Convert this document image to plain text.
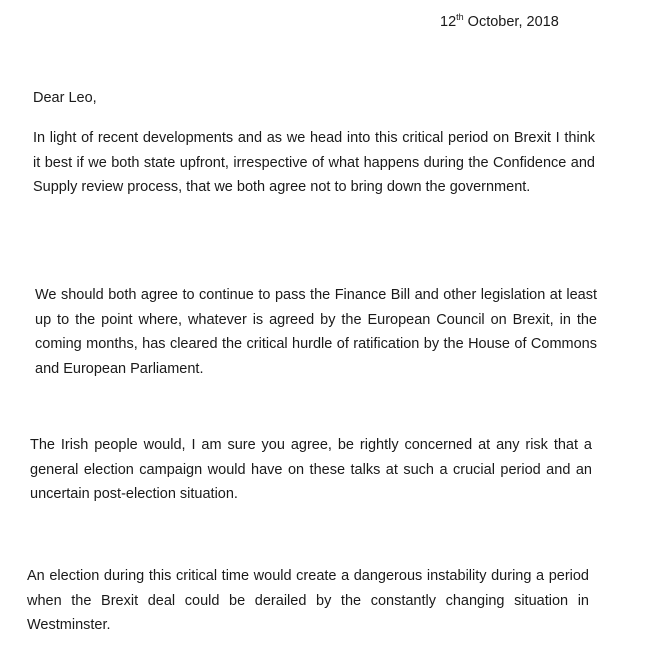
12th October, 2018
Dear Leo,

In light of recent developments and as we head into this critical period on Brexit I think it best if we both state upfront, irrespective of what happens during the Confidence and Supply review process, that we both agree not to bring down the government.

We should both agree to continue to pass the Finance Bill and other legislation at least up to the point where, whatever is agreed by the European Council on Brexit, in the coming months, has cleared the critical hurdle of ratification by the House of Commons and European Parliament.

The Irish people would, I am sure you agree, be rightly concerned at any risk that a general election campaign would have on these talks at such a crucial period and an uncertain post-election situation.

An election during this critical time would create a dangerous instability during a period when the Brexit deal could be derailed by the constantly changing situation in Westminster.
